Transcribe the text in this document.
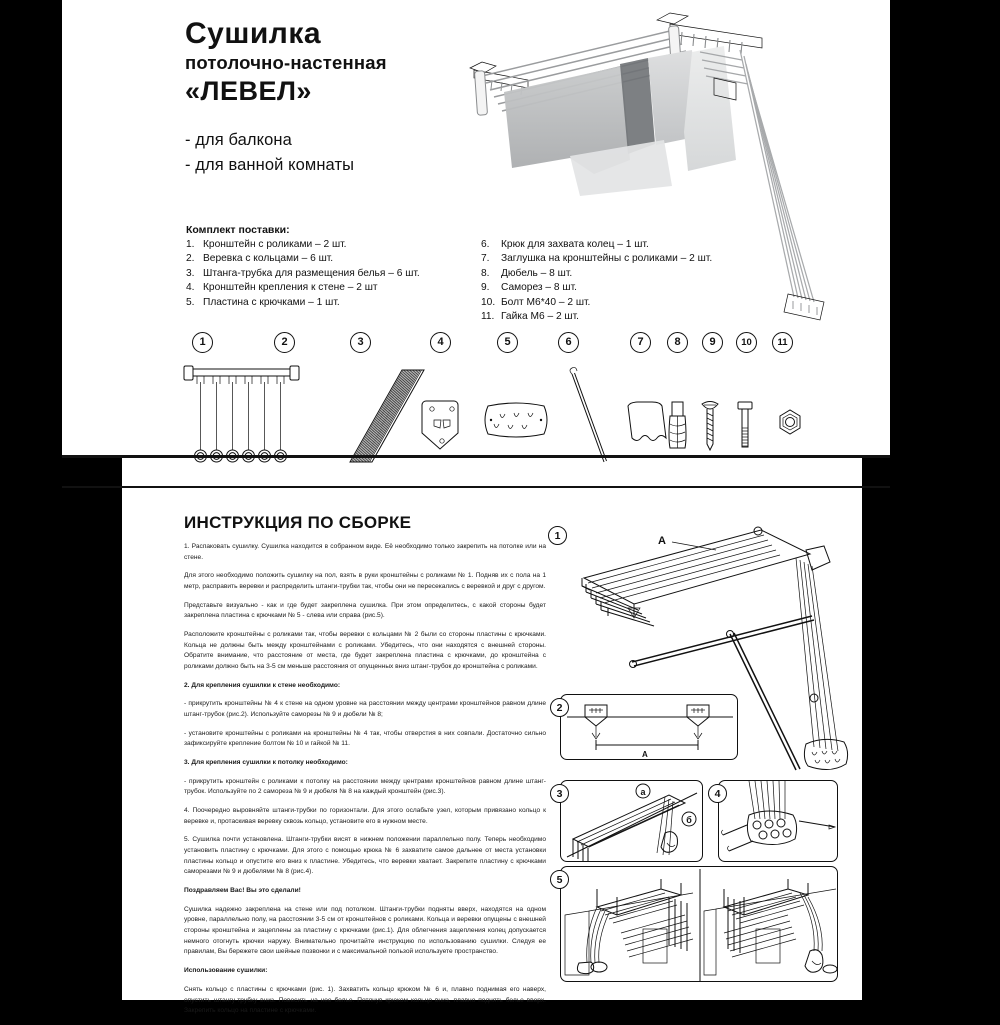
Сушилка
потолочно-настенная
«ЛЕВЕЛ»
- для балкона
- для ванной комнаты
Комплект поставки:
1. Кронштейн с роликами – 2 шт.
2. Веревка с кольцами – 6 шт.
3. Штанга-трубка для размещения белья – 6 шт.
4. Кронштейн крепления к стене – 2 шт
5. Пластина с крючками – 1 шт.
6.	Крюк для захвата колец – 1 шт.
7.	Заглушка на кронштейны с роликами – 2 шт.
8.	Дюбель – 8 шт.
9.	Саморез – 8 шт.
10. Болт М6*40 – 2 шт.
11. Гайка М6 – 2 шт.
1	2	3	4	5	6	7	8	9	10	11
ИНСТРУКЦИЯ ПО СБОРКЕ

1. Распаковать сушилку. Сушилка находится в собранном виде. Её необходимо только закрепить на потолке или на стене.

Для этого необходимо положить сушилку на пол, взять в руки кронштейны с роликами № 1. Подняв их с пола на 1 метр, расправить веревки и распределить штанги-трубки так, чтобы они не пересекались с веревкой и друг с другом.

Представьте визуально - как и где будет закреплена сушилка. При этом определитесь, с какой стороны будет закреплена пластина с крючками № 5 - слева или справа (рис.5).

Расположите кронштейны с роликами так, чтобы веревки с кольцами № 2 были со стороны пластины с крючками. Кольца не должны быть между кронштейнами с роликами. Убедитесь, что они находятся с внешней стороны. Обратите внимание, что расстояние от места, где будет закреплена пластина с крючками, до кронштейна с роликами должно быть на 3-5 см меньше расстояния от опущенных вниз штанг-трубок до кронштейна с роликами.

2. Для крепления сушилки к стене необходимо:

- прикрутить кронштейны № 4 к стене на одном уровне на расстоянии между центрами кронштейнов равном длине штанг-трубок (рис.2). Используйте саморезы № 9 и дюбели № 8;

- установите кронштейны с роликами на кронштейны № 4 так, чтобы отверстия в них совпали. Достаточно сильно зафиксируйте крепление болтом № 10 и гайкой № 11.

3. Для крепления сушилки к потолку необходимо:

- прикрутить кронштейн с роликами к потолку на расстоянии между центрами кронштейнов равном длине штанг-трубок. Используйте по 2 самореза № 9 и дюбеля № 8 на каждый кронштейн (рис.3).

4. Поочередно выровняйте штанги-трубки по горизонтали. Для этого ослабьте узел, которым привязано кольцо к веревке и, протаскивая веревку сквозь кольцо, установите его в нужном месте.

5. Сушилка почти установлена. Штанги-трубки висят в нижнем положении параллельно полу. Теперь необходимо установить пластину с крючками. Для этого с помощью крюка № 6 захватите самое дальнее от места установки пластины кольцо и опустите его вниз к пластине. Убедитесь, что веревки хватает. Закрепите пластину с крючками саморезами № 9 и дюбелями № 8 (рис.4).

Поздравляем Вас! Вы это сделали!

Сушилка надежно закреплена на стене или под потолком. Штанги-трубки подняты вверх, находятся на одном уровне, параллельно полу, на расстоянии 3-5 см от кронштейнов с роликами. Кольца и веревки опущены с внешней стороны кронштейна и зацеплены за пластину с крючками (рис.1). Для облегчения зацепления колец допускается немного отогнуть крючки наружу. Внимательно прочитайте инструкцию по использованию сушилки. Следуя ее правилам, Вы бережете свои шейные позвонки и с максимальной пользой используете пространство.

Использование сушилки:

Снять кольцо с пластины с крючками (рис. 1). Захватить кольцо крюком № 6 и, плавно поднимая его наверх, опустить штангу-трубку вниз. Повесить на нее белье. Потянув крюком кольцо вниз, плавно поднять белье вверх. Закрепить кольцо на пластине с крючками.

1	A
2
A
3	a
б
4
5
